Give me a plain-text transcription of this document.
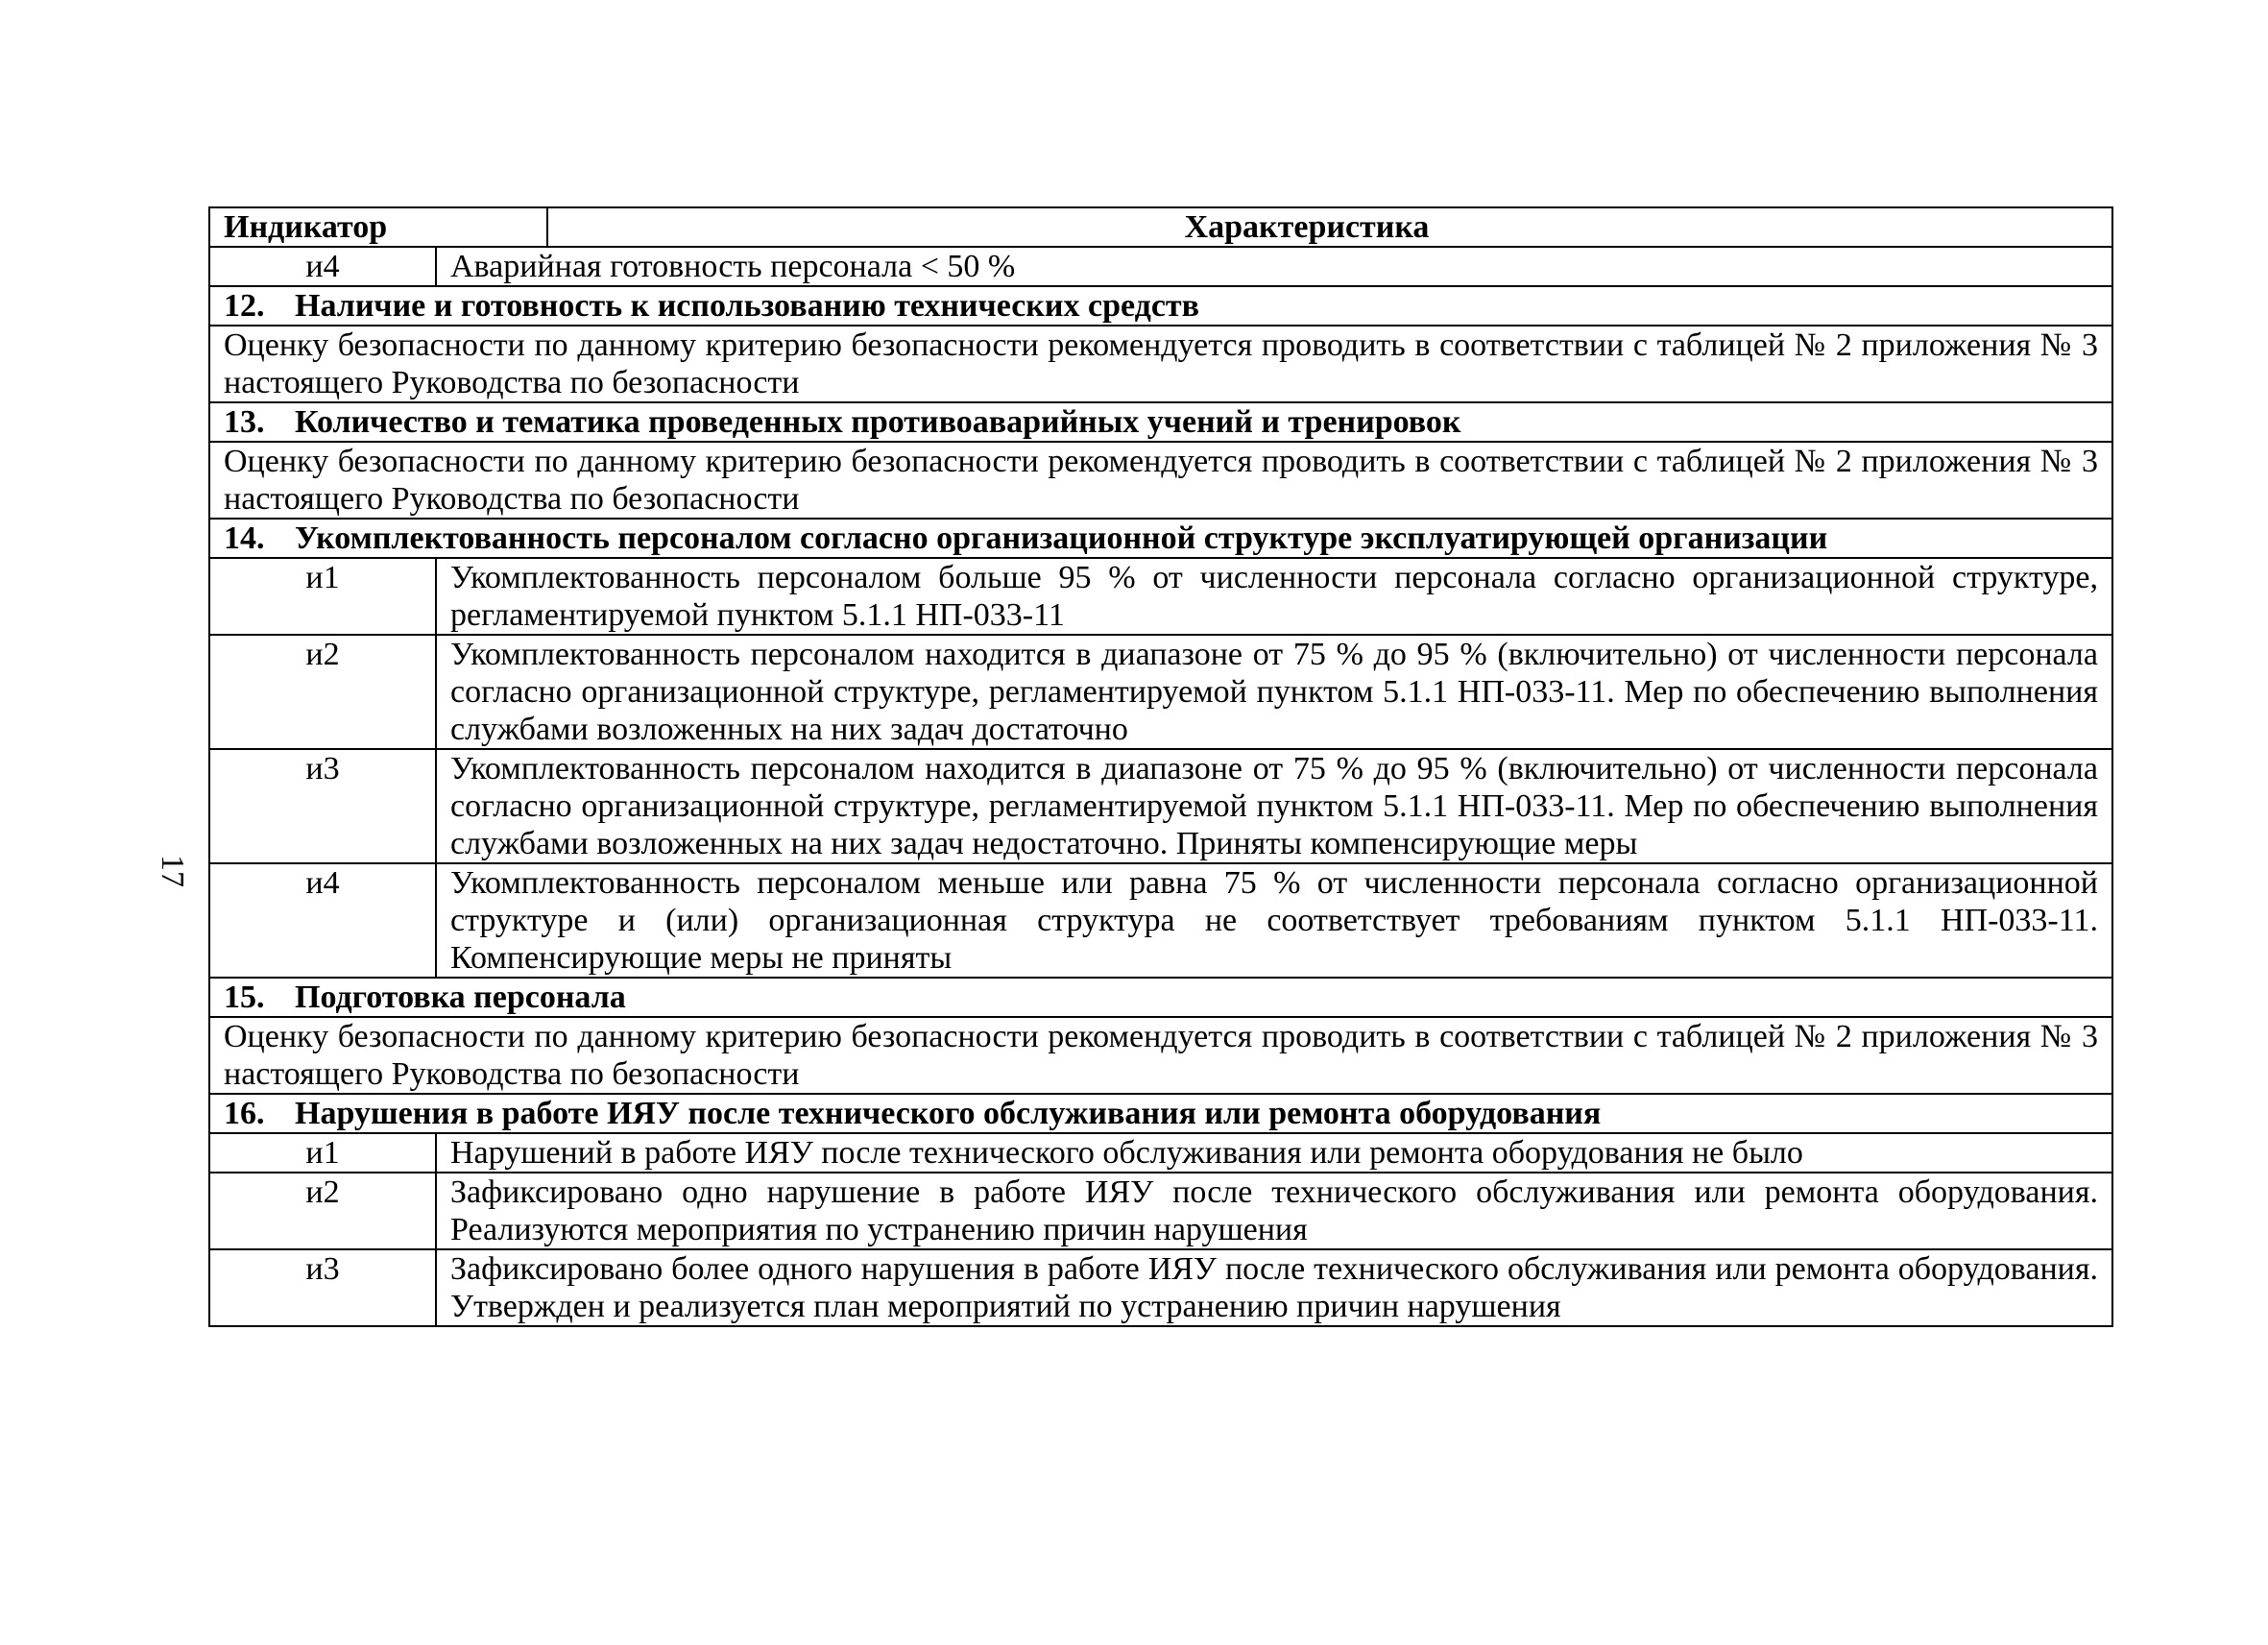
17
Индикатор Характеристика	
и4	Аварийная готовность персонала < 50 %
12. Наличие и готовность к использованию технических средств	
Оценку безопасности по данному критерию безопасности рекомендуется проводить в соответствии с таблицей № 2 приложения № 3 настоящего Руководства по безопасности	
13. Количество и тематика проведенных противоаварийных учений и тренировок	
Оценку безопасности по данному критерию безопасности рекомендуется проводить в соответствии с таблицей № 2 приложения № 3 настоящего Руководства по безопасности	
14. Укомплектованность персоналом согласно организационной структуре эксплуатирующей организации	
и1	Укомплектованность персоналом больше 95 % от численности персонала согласно организационной структуре, регламентируемой пунктом 5.1.1 НП-033-11
и2	Укомплектованность персоналом находится в диапазоне от 75 % до 95 % (включительно) от численности персонала согласно организационной структуре, регламентируемой пунктом 5.1.1 НП-033-11. Мер по обеспечению выполнения службами возложенных на них задач достаточно
и3	Укомплектованность персоналом находится в диапазоне от 75 % до 95 % (включительно) от численности персонала согласно организационной структуре, регламентируемой пунктом 5.1.1 НП-033-11. Мер по обеспечению выполнения службами возложенных на них задач недостаточно. Приняты компенсирующие меры
и4	Укомплектованность персоналом меньше или равна 75 % от численности персонала согласно организационной структуре и (или) организационная структура не соответствует требованиям пунктом 5.1.1 НП-033-11. Компенсирующие меры не приняты
15. Подготовка персонала	
Оценку безопасности по данному критерию безопасности рекомендуется проводить в соответствии с таблицей № 2 приложения № 3 настоящего Руководства по безопасности	
16. Нарушения в работе ИЯУ после технического обслуживания или ремонта оборудования	
и1	Нарушений в работе ИЯУ после технического обслуживания или ремонта оборудования не было
и2	Зафиксировано одно нарушение в работе ИЯУ после технического обслуживания или ремонта оборудования. Реализуются мероприятия по устранению причин нарушения
и3	Зафиксировано более одного нарушения в работе ИЯУ после технического обслуживания или ремонта оборудования. Утвержден и реализуется план мероприятий по устранению причин нарушения
